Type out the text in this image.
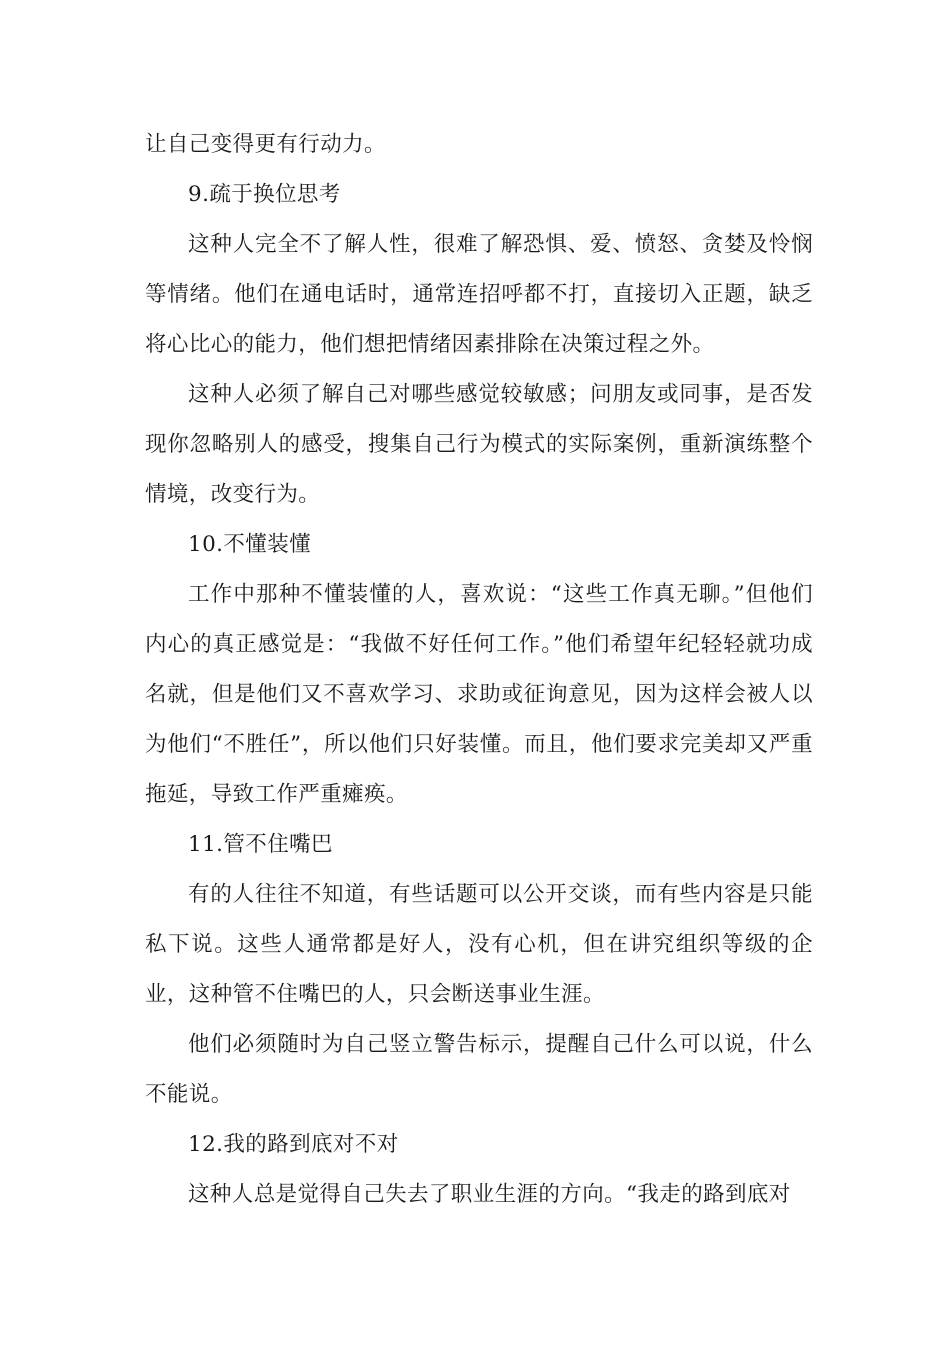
让自己变得更有行动力。

9.疏于换位思考

这种人完全不了解人性，很难了解恐惧、爱、愤怒、贪婪及怜悯等情绪。他们在通电话时，通常连招呼都不打，直接切入正题，缺乏将心比心的能力，他们想把情绪因素排除在决策过程之外。

这种人必须了解自己对哪些感觉较敏感；问朋友或同事，是否发现你忽略别人的感受，搜集自己行为模式的实际案例，重新演练整个情境，改变行为。

10.不懂装懂

工作中那种不懂装懂的人，喜欢说：“这些工作真无聊。”但他们内心的真正感觉是：“我做不好任何工作。”他们希望年纪轻轻就功成名就，但是他们又不喜欢学习、求助或征询意见，因为这样会被人以为他们“不胜任”，所以他们只好装懂。而且，他们要求完美却又严重拖延，导致工作严重瘫痪。

11.管不住嘴巴

有的人往往不知道，有些话题可以公开交谈，而有些内容是只能私下说。这些人通常都是好人，没有心机，但在讲究组织等级的企业，这种管不住嘴巴的人，只会断送事业生涯。

他们必须随时为自己竖立警告标示，提醒自己什么可以说，什么不能说。

12.我的路到底对不对

这种人总是觉得自己失去了职业生涯的方向。“我走的路到底对
